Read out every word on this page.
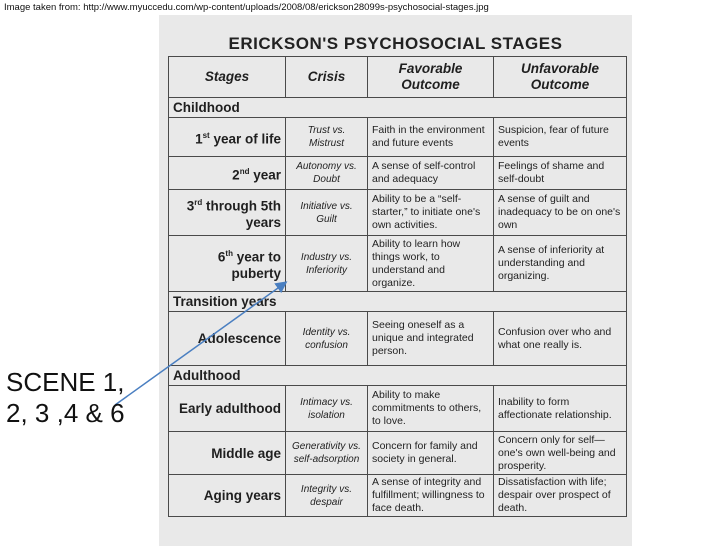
Image taken from: http://www.myuccedu.com/wp-content/uploads/2008/08/erickson28099s-psychosocial-stages.jpg
ERICKSON'S PSYCHOSOCIAL STAGES
Stages	Crisis	Favorable Outcome	Unfavorable Outcome
Childhood			
1st year of life	Trust vs. Mistrust	Faith in the environment and future events	Suspicion, fear of future events
2nd year	Autonomy vs. Doubt	A sense of self-control and adequacy	Feelings of shame and self-doubt
3rd through 5th years	Initiative vs. Guilt	Ability to be a “self-starter,” to initiate one's own activities.	A sense of guilt and inadequacy to be on one's own
6th year to puberty	Industry vs. Inferiority	Ability to learn how things work, to understand and organize.	A sense of inferiority at understanding and organizing.
Transition years			
Adolescence	Identity vs. confusion	Seeing oneself as a unique and integrated person.	Confusion over who and what one really is.
Adulthood			
Early adulthood	Intimacy vs. isolation	Ability to make commitments to others, to love.	Inability to form affectionate relationship.
Middle age	Generativity vs. self-adsorption	Concern for family and society in general.	Concern only for self—one's own well-being and prosperity.
Aging years	Integrity vs. despair	A sense of integrity and fulfillment; willingness to face death.	Dissatisfaction with life; despair over prospect of death.
SCENE 1,
2, 3 ,4 & 6
